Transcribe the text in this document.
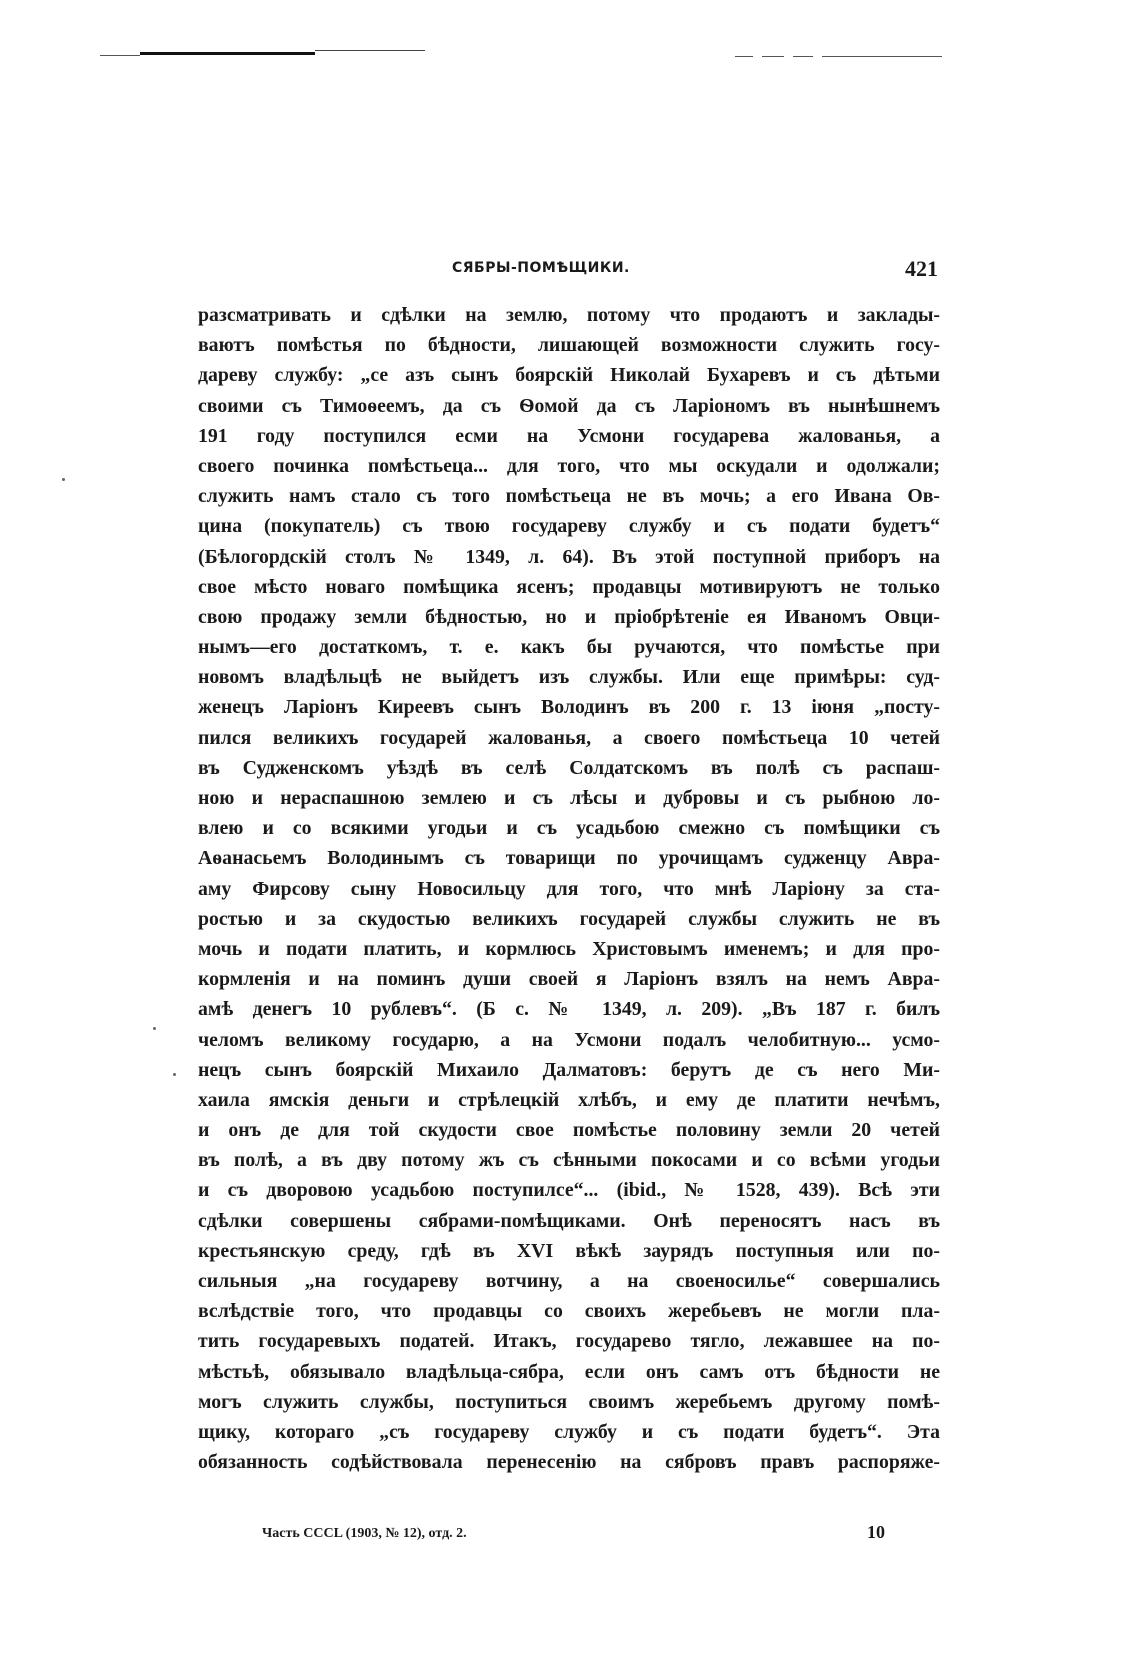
СЯБРЫ-ПОМѢЩИКИ.	421
разсматривать и сдѣлки на землю, потому что продаютъ и заклады-
ваютъ помѣстья по бѣдности, лишающей возможности служить госу-
дареву службу: „се азъ сынъ боярскій Николай Бухаревъ и съ дѣтьми
своими съ Тимоѳеемъ, да съ Ѳомой да съ Ларіономъ въ нынѣшнемъ
191 году поступился есми на Усмони государева жалованья, а
своего починка помѣстьеца... для того, что мы оскудали и одолжали;
служить намъ стало съ того помѣстьеца не въ мочь; а его Ивана Ов-
цина (покупатель) съ твою государеву службу и съ подати будетъ“
(Бѣлогордскій столъ № 1349, л. 64). Въ этой поступной приборъ на
свое мѣсто новаго помѣщика ясенъ; продавцы мотивируютъ не только
свою продажу земли бѣдностью, но и пріобрѣтеніе ея Иваномъ Овци-
нымъ—его достаткомъ, т. е. какъ бы ручаются, что помѣстье при
новомъ владѣльцѣ не выйдетъ изъ службы. Или еще примѣры: суд-
женецъ Ларіонъ Киреевъ сынъ Володинъ въ 200 г. 13 іюня „посту-
пился великихъ государей жалованья, а своего помѣстьеца 10 четей
въ Судженскомъ уѣздѣ въ селѣ Солдатскомъ въ полѣ съ распаш-
ною и нераспашною землею и съ лѣсы и дубровы и съ рыбною ло-
влею и со всякими угодьи и съ усадьбою смежно съ помѣщики съ
Аѳанасьемъ Володинымъ съ товарищи по урочищамъ судженцу Авра-
аму Фирсову сыну Новосильцу для того, что мнѣ Ларіону за ста-
ростью и за скудостью великихъ государей службы служить не въ
мочь и подати платить, и кормлюсь Христовымъ именемъ; и для про-
кормленія и на поминъ души своей я Ларіонъ взялъ на немъ Авра-
амѣ денегъ 10 рублевъ“. (Б с. № 1349, л. 209). „Въ 187 г. билъ
челомъ великому государю, а на Усмони подалъ челобитную... усмо-
нецъ сынъ боярскій Михаило Далматовъ: берутъ де съ него Ми-
хаила ямскія деньги и стрѣлецкій хлѣбъ, и ему де платити нечѣмъ,
и онъ де для той скудости свое помѣстье половину земли 20 четей
въ полѣ, а въ дву потому жъ съ сѣнными покосами и со всѣми угодьи
и съ дворовою усадьбою поступилсе“... (ibid., № 1528, 439). Всѣ эти
сдѣлки совершены сябрами-помѣщиками. Онѣ переносятъ насъ въ
крестьянскую среду, гдѣ въ XVI вѣкѣ заурядъ поступныя или по-
сильныя „на государеву вотчину, а на своеносилье“ совершались
вслѣдствіе того, что продавцы со своихъ жеребьевъ не могли пла-
тить государевыхъ податей. Итакъ, государево тягло, лежавшее на по-
мѣстьѣ, обязывало владѣльца-сябра, если онъ самъ отъ бѣдности не
могъ служить службы, поступиться своимъ жеребьемъ другому помѣ-
щику, котораго „съ государеву службу и съ подати будетъ“. Эта
обязанность содѣйствовала перенесенію на сябровъ правъ распоряже-
Часть CCCL (1903, № 12), отд. 2.	10
